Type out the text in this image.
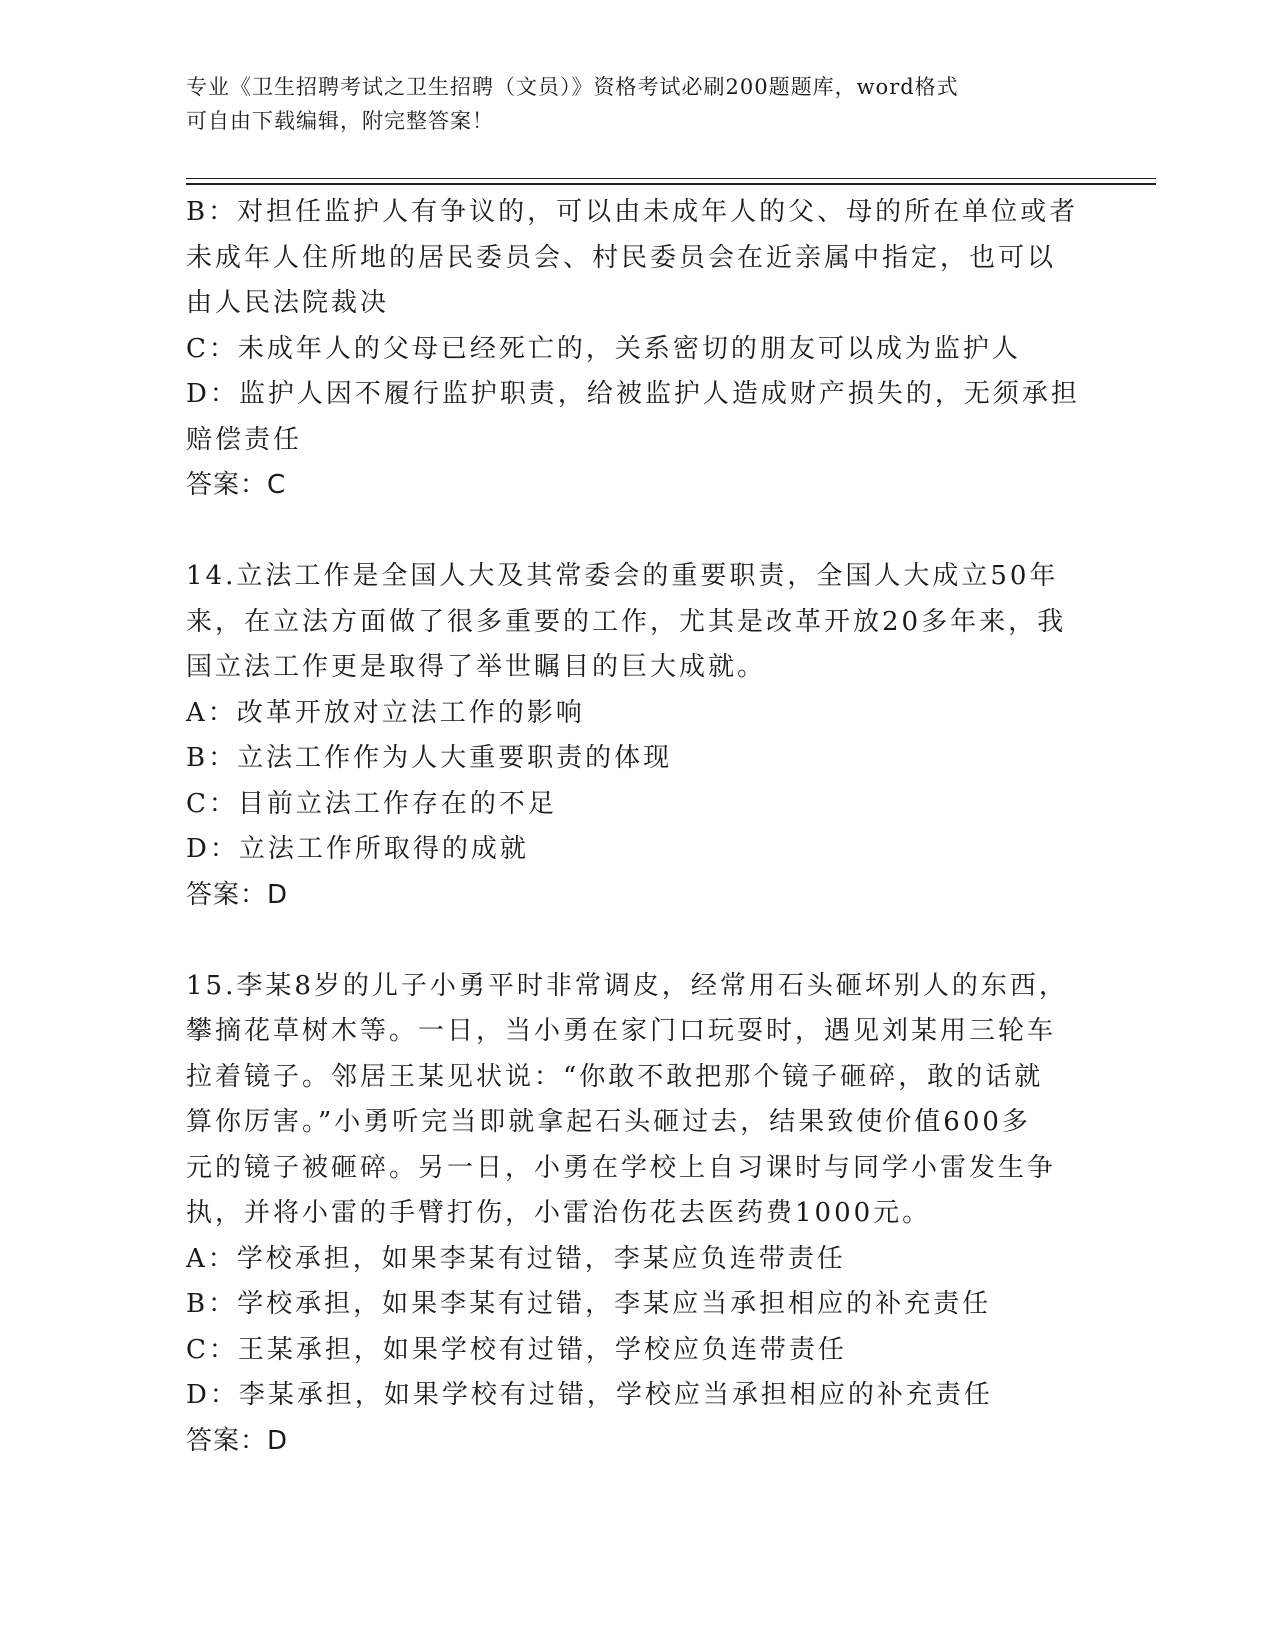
专业《卫生招聘考试之卫生招聘（文员）》资格考试必刷200题题库，word格式
可自由下载编辑，附完整答案！
B：对担任监护人有争议的，可以由未成年人的父、母的所在单位或者
未成年人住所地的居民委员会、村民委员会在近亲属中指定，也可以
由人民法院裁决
C：未成年人的父母已经死亡的，关系密切的朋友可以成为监护人
D：监护人因不履行监护职责，给被监护人造成财产损失的，无须承担
赔偿责任
答案：C
14.立法工作是全国人大及其常委会的重要职责，全国人大成立50年
来，在立法方面做了很多重要的工作，尤其是改革开放20多年来，我
国立法工作更是取得了举世瞩目的巨大成就。
A：改革开放对立法工作的影响
B：立法工作作为人大重要职责的体现
C：目前立法工作存在的不足
D：立法工作所取得的成就
答案：D
15.李某8岁的儿子小勇平时非常调皮，经常用石头砸坏别人的东西，
攀摘花草树木等。一日，当小勇在家门口玩耍时，遇见刘某用三轮车
拉着镜子。邻居王某见状说：“你敢不敢把那个镜子砸碎，敢的话就
算你厉害。”小勇听完当即就拿起石头砸过去，结果致使价值600多
元的镜子被砸碎。另一日，小勇在学校上自习课时与同学小雷发生争
执，并将小雷的手臂打伤，小雷治伤花去医药费1000元。
A：学校承担，如果李某有过错，李某应负连带责任
B：学校承担，如果李某有过错，李某应当承担相应的补充责任
C：王某承担，如果学校有过错，学校应负连带责任
D：李某承担，如果学校有过错，学校应当承担相应的补充责任
答案：D
